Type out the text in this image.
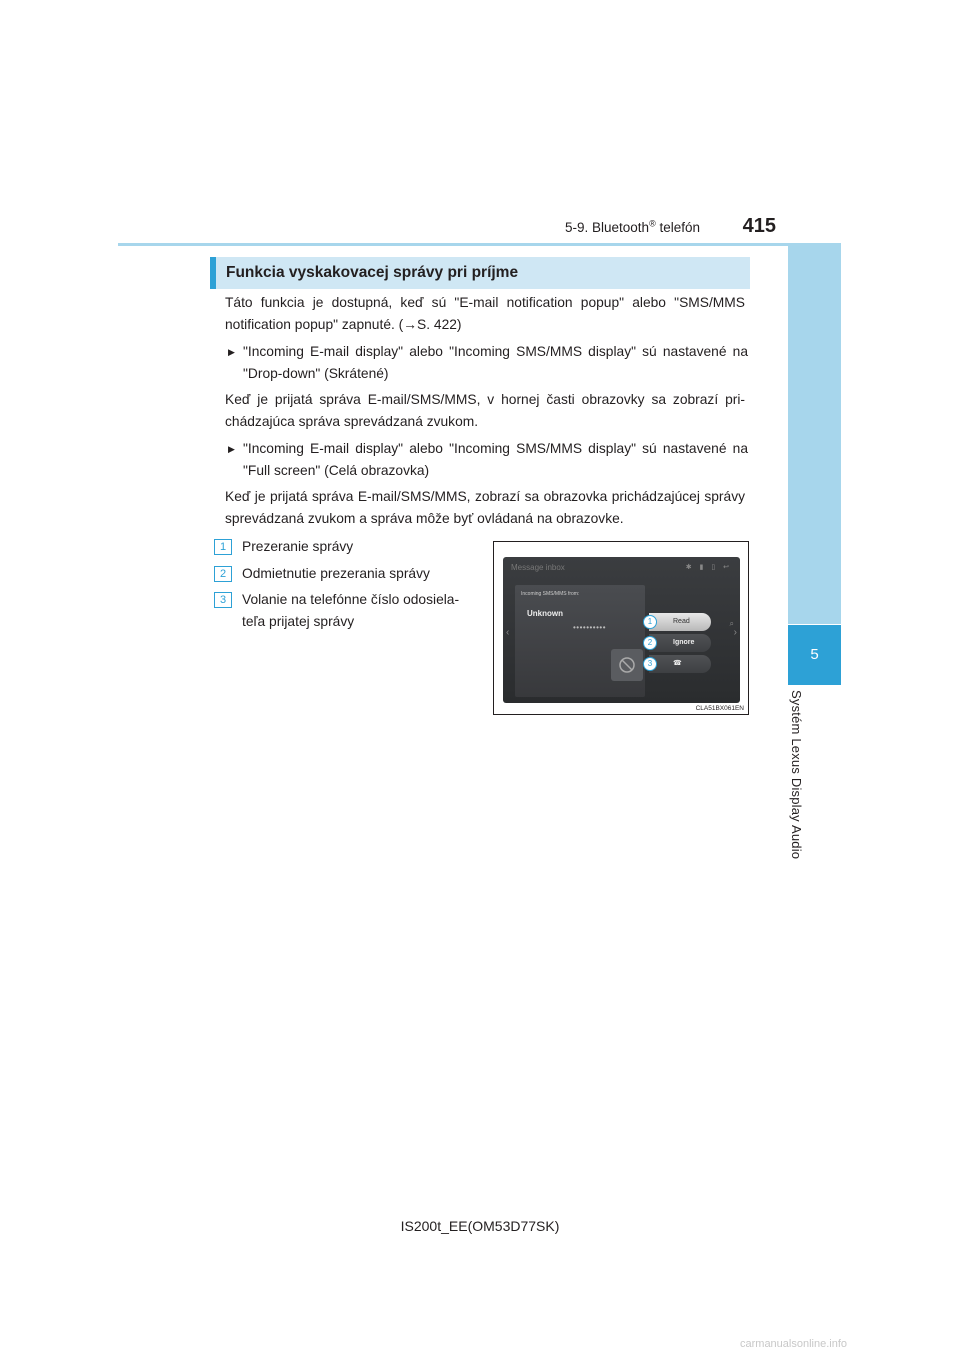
5-9. Bluetooth® telefón	415
5
Systém Lexus Display Audio
Funkcia vyskakovacej správy pri príjme
Táto funkcia je dostupná, keď sú "E-mail notification popup" alebo "SMS/MMS notification popup" zapnuté. (→S. 422)
▶ "Incoming E-mail display" alebo "Incoming SMS/MMS display" sú nastavené na "Drop-down" (Skrátené)
Keď je prijatá správa E-mail/SMS/MMS, v hornej časti obrazovky sa zobrazí pri-chádzajúca správa sprevádzaná zvukom.
▶ "Incoming E-mail display" alebo "Incoming SMS/MMS display" sú nastavené na "Full screen" (Celá obrazovka)
Keď je prijatá správa E-mail/SMS/MMS, zobrazí sa obrazovka prichádzajúcej správy sprevádzaná zvukom a správa môže byť ovládaná na obrazovke.
1	Prezeranie správy
2	Odmietnutie prezerania správy
3	Volanie na telefónne číslo odosiela-teľa prijatej správy
Message inbox	✱ ▮ ▯ ↩
‹	›
⌕
Incoming SMS/MMS from:
Unknown
••••••••••
Read
Ignore
☎
1
2
3
CLA51BX061EN
IS200t_EE(OM53D77SK)
carmanualsonline.info
